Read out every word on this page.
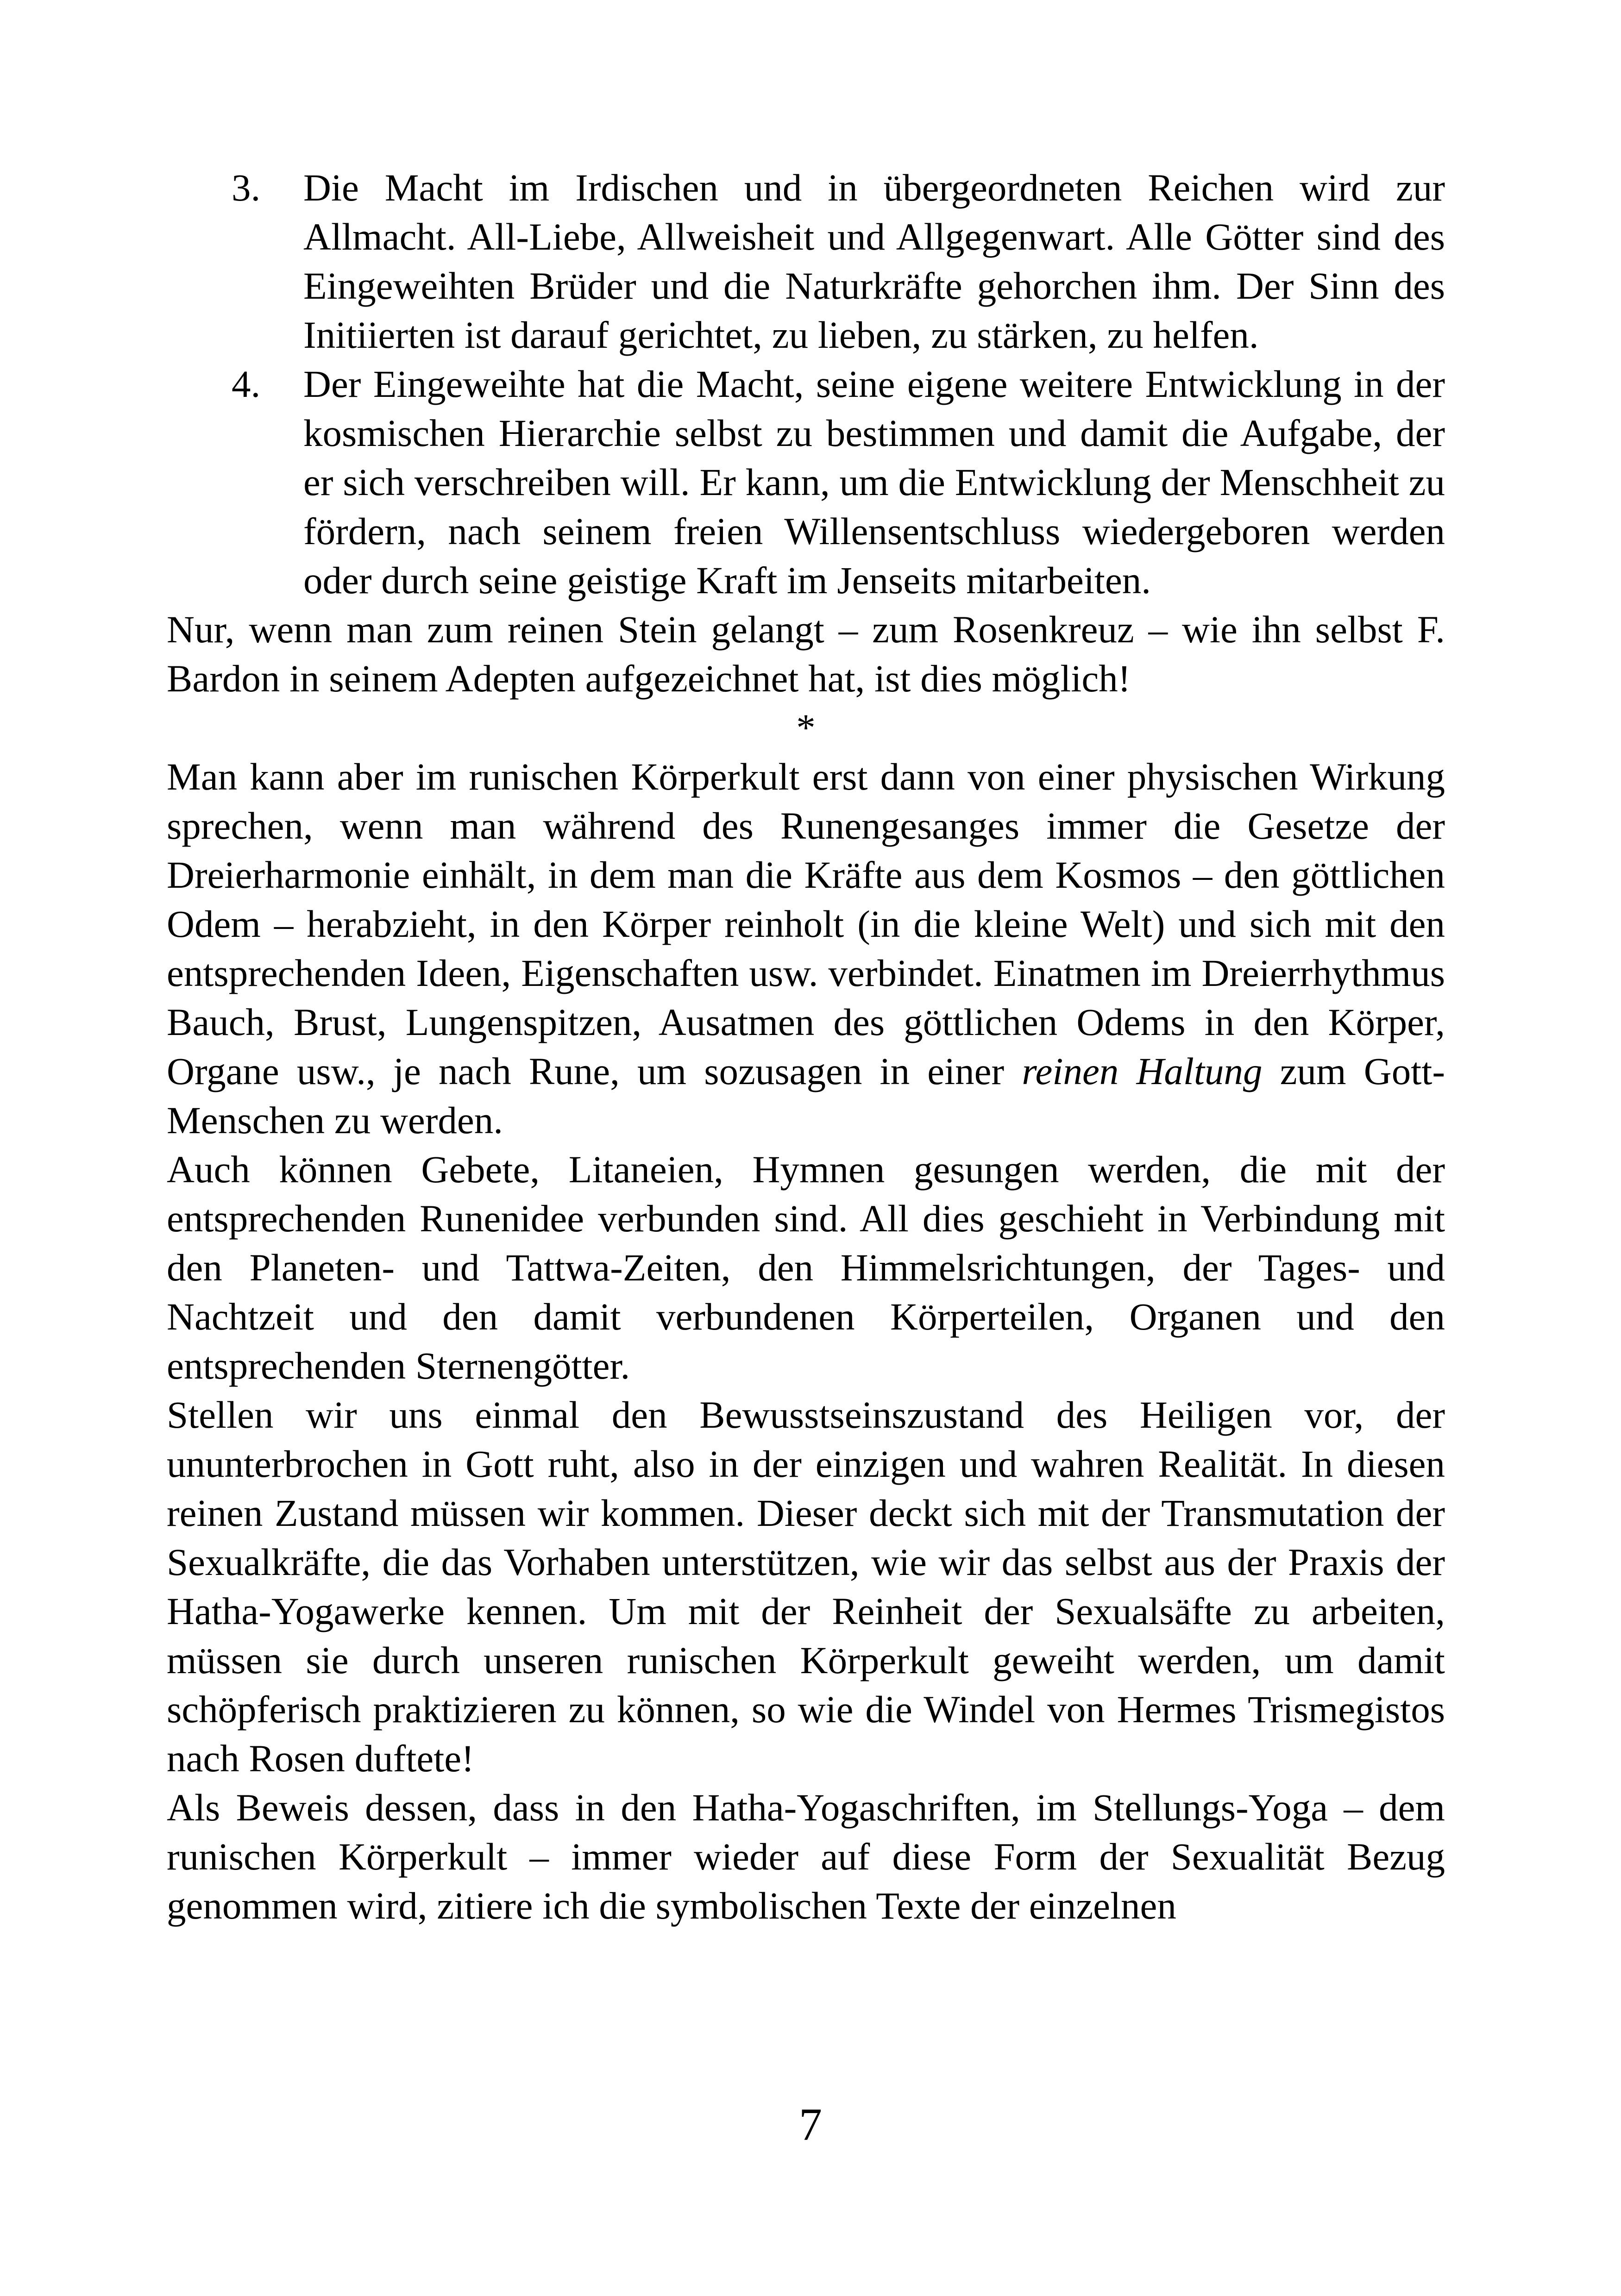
3. Die Macht im Irdischen und in übergeordneten Reichen wird zur Allmacht. All-Liebe, Allweisheit und Allgegenwart. Alle Götter sind des Eingeweihten Brüder und die Naturkräfte gehorchen ihm. Der Sinn des Initiierten ist darauf gerichtet, zu lieben, zu stärken, zu helfen.
4. Der Eingeweihte hat die Macht, seine eigene weitere Entwicklung in der kosmischen Hierarchie selbst zu bestimmen und damit die Aufgabe, der er sich verschreiben will. Er kann, um die Entwicklung der Menschheit zu fördern, nach seinem freien Willensentschluss wiedergeboren werden oder durch seine geistige Kraft im Jenseits mitarbeiten.
Nur, wenn man zum reinen Stein gelangt – zum Rosenkreuz – wie ihn selbst F. Bardon in seinem Adepten aufgezeichnet hat, ist dies möglich!
*
Man kann aber im runischen Körperkult erst dann von einer physischen Wirkung sprechen, wenn man während des Runengesanges immer die Gesetze der Dreierharmonie einhält, in dem man die Kräfte aus dem Kosmos – den göttlichen Odem – herabzieht, in den Körper reinholt (in die kleine Welt) und sich mit den entsprechenden Ideen, Eigenschaften usw. verbindet. Einatmen im Dreierrhythmus Bauch, Brust, Lungenspitzen, Ausatmen des göttlichen Odems in den Körper, Organe usw., je nach Rune, um sozusagen in einer reinen Haltung zum Gott-Menschen zu werden.
Auch können Gebete, Litaneien, Hymnen gesungen werden, die mit der entsprechenden Runenidee verbunden sind. All dies geschieht in Verbindung mit den Planeten- und Tattwa-Zeiten, den Himmelsrichtungen, der Tages- und Nachtzeit und den damit verbundenen Körperteilen, Organen und den entsprechenden Sternengötter.
Stellen wir uns einmal den Bewusstseinszustand des Heiligen vor, der ununterbrochen in Gott ruht, also in der einzigen und wahren Realität. In diesen reinen Zustand müssen wir kommen. Dieser deckt sich mit der Transmutation der Sexualkräfte, die das Vorhaben unterstützen, wie wir das selbst aus der Praxis der Hatha-Yogawerke kennen. Um mit der Reinheit der Sexualsäfte zu arbeiten, müssen sie durch unseren runischen Körperkult geweiht werden, um damit schöpferisch praktizieren zu können, so wie die Windel von Hermes Trismegistos nach Rosen duftete!
Als Beweis dessen, dass in den Hatha-Yogaschriften, im Stellungs-Yoga – dem runischen Körperkult – immer wieder auf diese Form der Sexualität Bezug genommen wird, zitiere ich die symbolischen Texte der einzelnen
7
